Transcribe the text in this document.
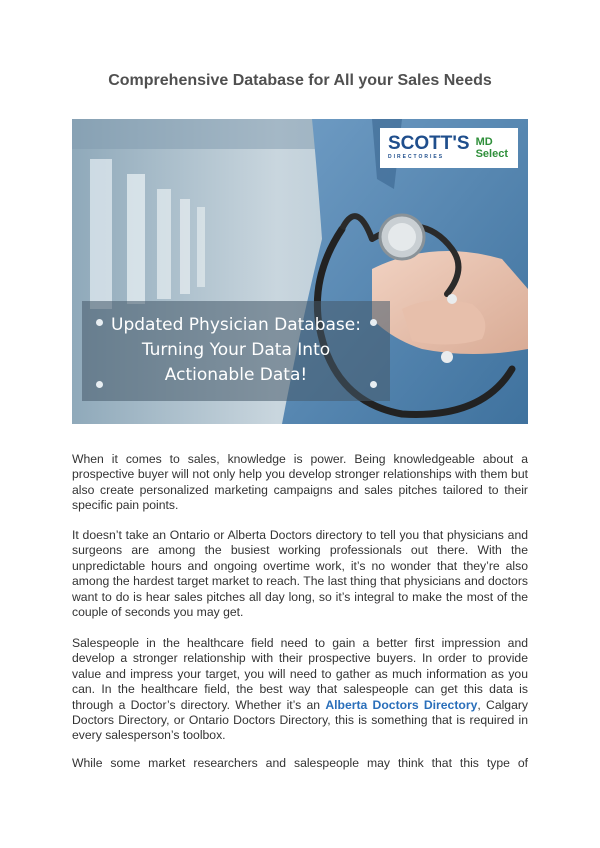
Comprehensive Database for All your Sales Needs
SCOTT'S
DIRECTORIES
MD Select
Updated Physician Database:
Turning Your Data Into
Actionable Data!

When it comes to sales, knowledge is power. Being knowledgeable about a prospective buyer will not only help you develop stronger relationships with them but also create personalized marketing campaigns and sales pitches tailored to their specific pain points.

It doesn’t take an Ontario or Alberta Doctors directory to tell you that physicians and surgeons are among the busiest working professionals out there. With the unpredictable hours and ongoing overtime work, it’s no wonder that they’re also among the hardest target market to reach. The last thing that physicians and doctors want to do is hear sales pitches all day long, so it’s integral to make the most of the couple of seconds you may get.

Salespeople in the healthcare field need to gain a better first impression and develop a stronger relationship with their prospective buyers. In order to provide value and impress your target, you will need to gather as much information as you can. In the healthcare field, the best way that salespeople can get this data is through a Doctor’s directory. Whether it’s an Alberta Doctors Directory, Calgary Doctors Directory, or Ontario Doctors Directory, this is something that is required in every salesperson’s toolbox.

While some market researchers and salespeople may think that this type of
